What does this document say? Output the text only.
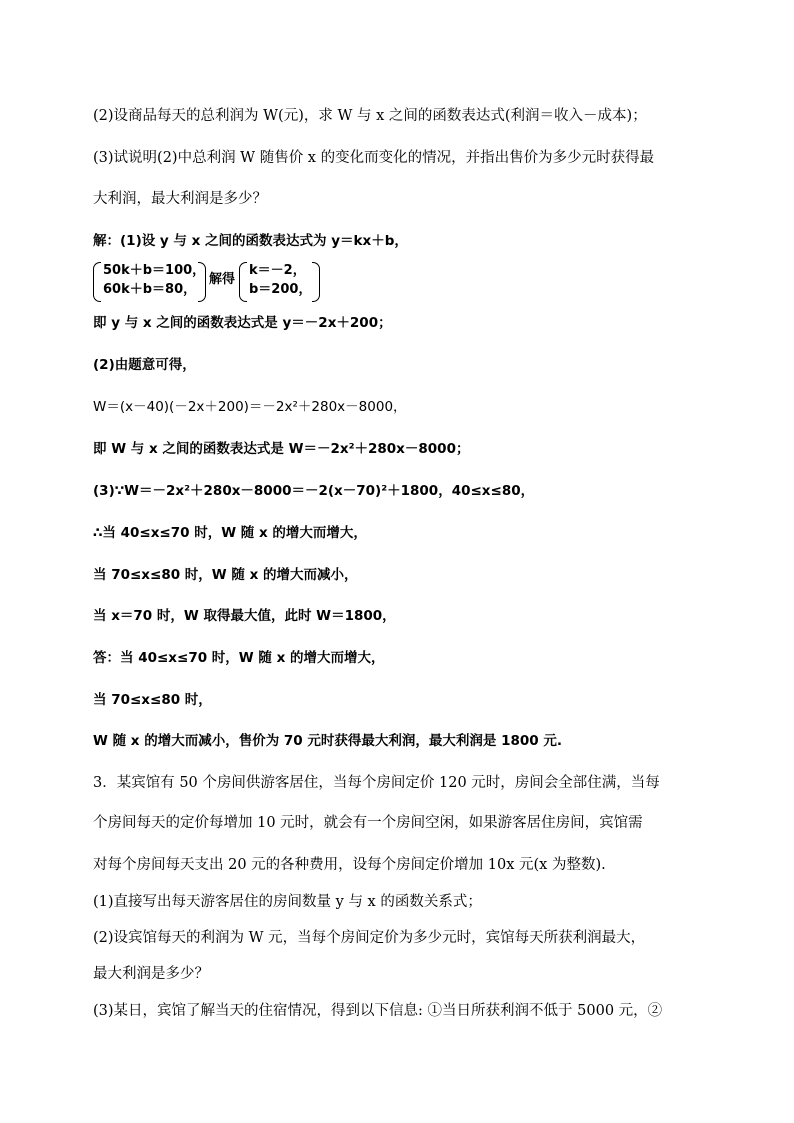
(2)设商品每天的总利润为 W(元)，求 W 与 x 之间的函数表达式(利润＝收入－成本)；
(3)试说明(2)中总利润 W 随售价 x 的变化而变化的情况，并指出售价为多少元时获得最
大利润，最大利润是多少？
解：(1)设 y 与 x 之间的函数表达式为 y＝kx＋b，
50k＋b＝100，
60k＋b＝80，
解得
k＝－2，
b＝200，
即 y 与 x 之间的函数表达式是 y＝－2x＋200；
(2)由题意可得，
W＝(x－40)(－2x＋200)＝－2x²＋280x－8000，
即 W 与 x 之间的函数表达式是 W＝－2x²＋280x－8000；
(3)∵W＝－2x²＋280x－8000＝－2(x－70)²＋1800，40≤x≤80，
∴当 40≤x≤70 时，W 随 x 的增大而增大，
当 70≤x≤80 时，W 随 x 的增大而减小，
当 x＝70 时，W 取得最大值，此时 W＝1800，
答：当 40≤x≤70 时，W 随 x 的增大而增大，
当 70≤x≤80 时，
W 随 x 的增大而减小，售价为 70 元时获得最大利润，最大利润是 1800 元.
3．某宾馆有 50 个房间供游客居住，当每个房间定价 120 元时，房间会全部住满，当每
个房间每天的定价每增加 10 元时，就会有一个房间空闲，如果游客居住房间，宾馆需
对每个房间每天支出 20 元的各种费用，设每个房间定价增加 10x 元(x 为整数).
(1)直接写出每天游客居住的房间数量 y 与 x 的函数关系式；
(2)设宾馆每天的利润为 W 元，当每个房间定价为多少元时，宾馆每天所获利润最大，
最大利润是多少？
(3)某日，宾馆了解当天的住宿情况，得到以下信息: ①当日所获利润不低于 5000 元，②
